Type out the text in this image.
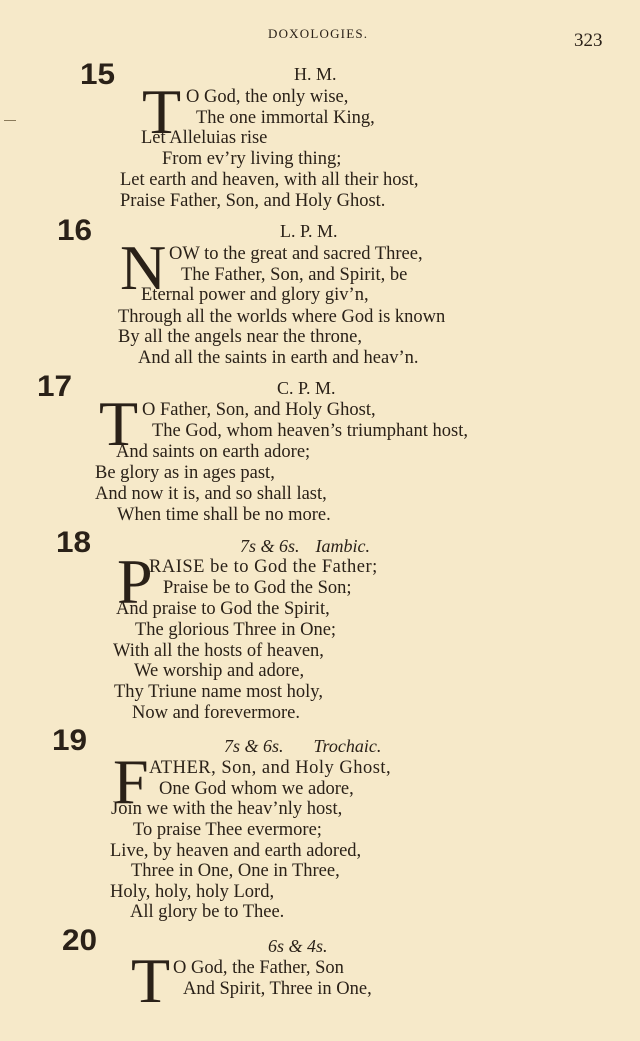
DOXOLOGIES.	323
15	H. M.
T O God, the only wise,
The one immortal King,
Let Alleluias rise
From ev’ry living thing;
Let earth and heaven, with all their host,
Praise Father, Son, and Holy Ghost.
16	L. P. M.
N OW to the great and sacred Three,
The Father, Son, and Spirit, be
Eternal power and glory giv’n,
Through all the worlds where God is known
By all the angels near the throne,
And all the saints in earth and heav’n.
17	C. P. M.
T O Father, Son, and Holy Ghost,
The God, whom heaven’s triumphant host,
And saints on earth adore;
Be glory as in ages past,
And now it is, and so shall last,
When time shall be no more.
18	7s & 6s. Iambic.
P
RAISE be to God the Father;
Praise be to God the Son;
And praise to God the Spirit,
The glorious Three in One;
With all the hosts of heaven,
We worship and adore,
Thy Triune name most holy,
Now and forevermore.
19	7s & 6s. Trochaic.
F ATHER, Son, and Holy Ghost,
One God whom we adore,
Join we with the heav’nly host,
To praise Thee evermore;
Live, by heaven and earth adored,
Three in One, One in Three,
Holy, holy, holy Lord,
All glory be to Thee.
20	6s & 4s.
T O God, the Father, Son
And Spirit, Three in One,
